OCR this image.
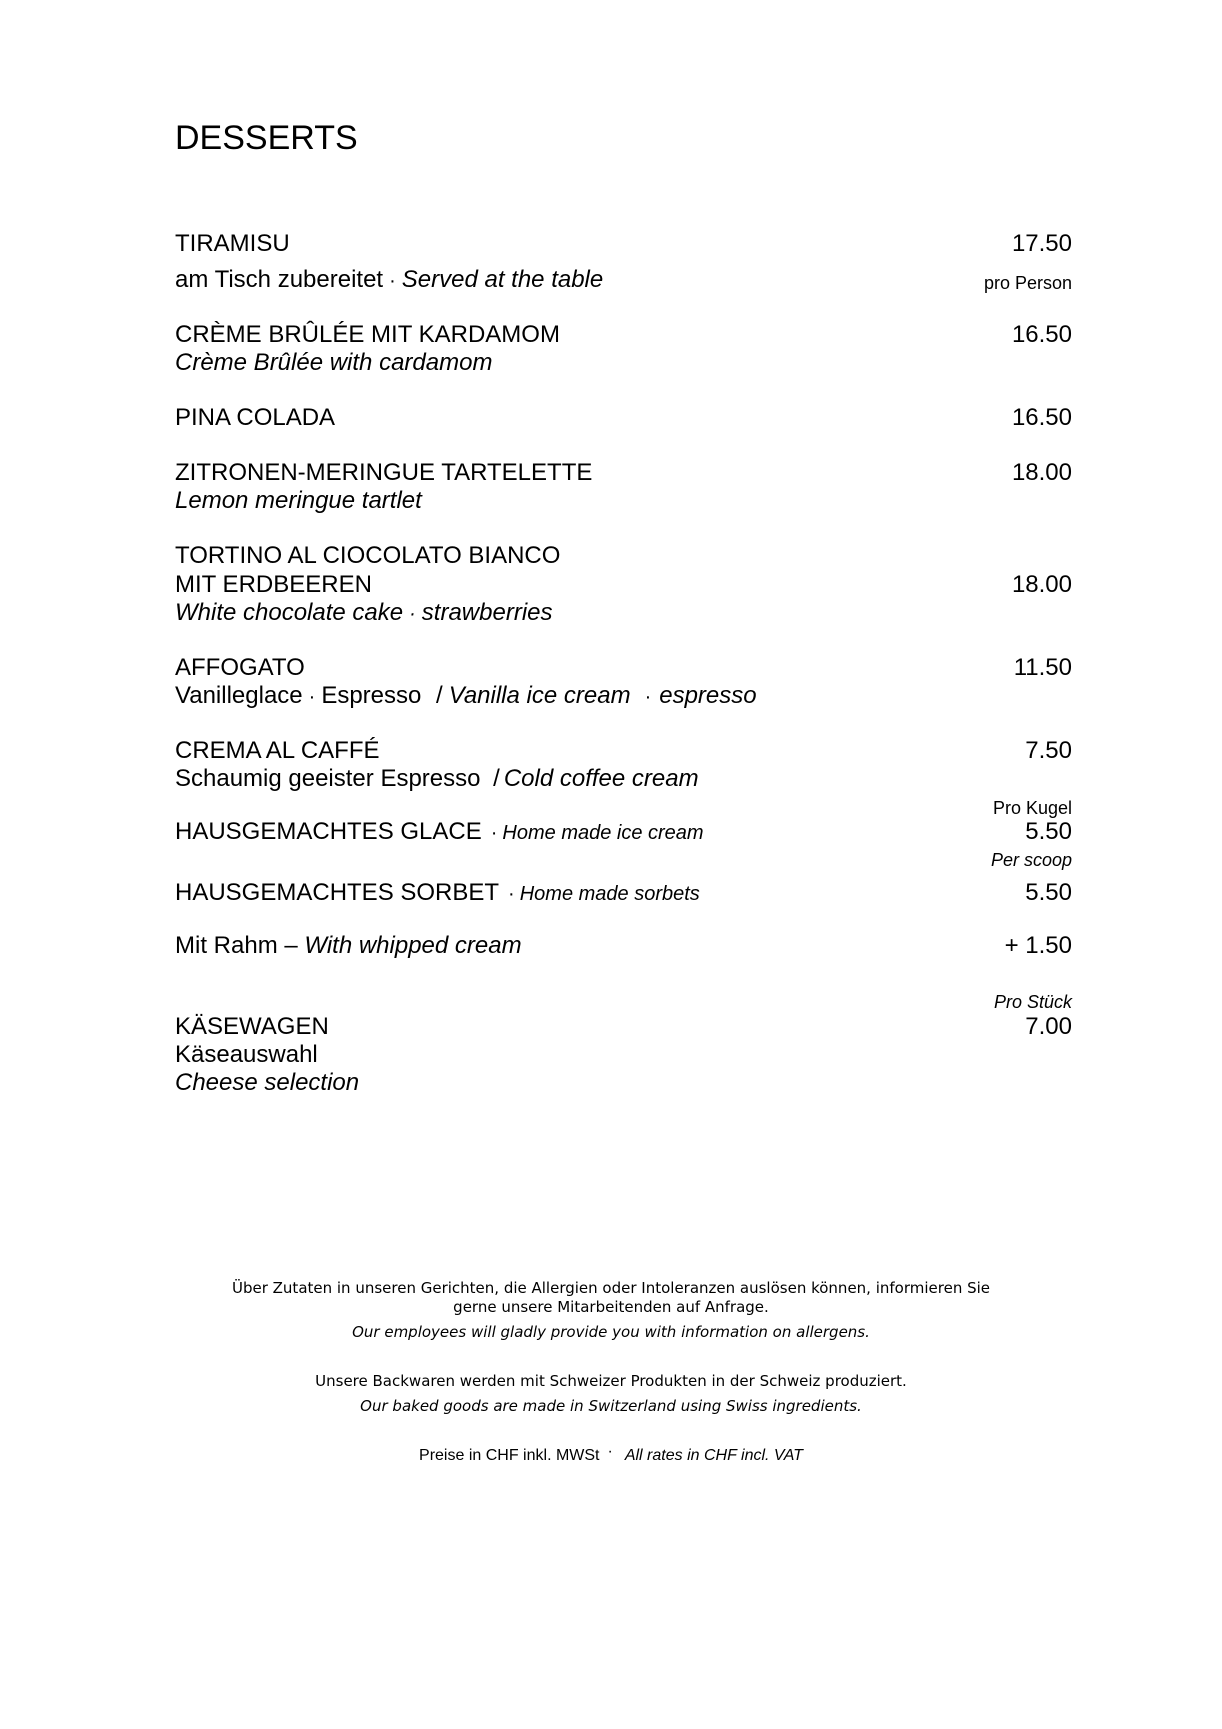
DESSERTS
TIRAMISU	17.50
am Tisch zubereitet · Served at the table	pro Person
CRÈME BRÛLÉE MIT KARDAMOM	16.50
Crème Brûlée with cardamom
PINA COLADA	16.50
ZITRONEN-MERINGUE TARTELETTE	18.00
Lemon meringue tartlet
TORTINO AL CIOCOLATO BIANCO
MIT ERDBEEREN	18.00
White chocolate cake · strawberries
AFFOGATO	11.50
Vanilleglace · Espresso / Vanilla ice cream · espresso
CREMA AL CAFFÉ	7.50
Schaumig geeister Espresso / Cold coffee cream
Pro Kugel
HAUSGEMACHTES GLACE · Home made ice cream	5.50
Per scoop
HAUSGEMACHTES SORBET · Home made sorbets	5.50
Mit Rahm – With whipped cream	+ 1.50
Pro Stück
KÄSEWAGEN	7.00
Käseauswahl
Cheese selection
Über Zutaten in unseren Gerichten, die Allergien oder Intoleranzen auslösen können, informieren Sie
gerne unsere Mitarbeitenden auf Anfrage.
Our employees will gladly provide you with information on allergens.
Unsere Backwaren werden mit Schweizer Produkten in der Schweiz produziert.
Our baked goods are made in Switzerland using Swiss ingredients.
Preise in CHF inkl. MWSt · All rates in CHF incl. VAT
